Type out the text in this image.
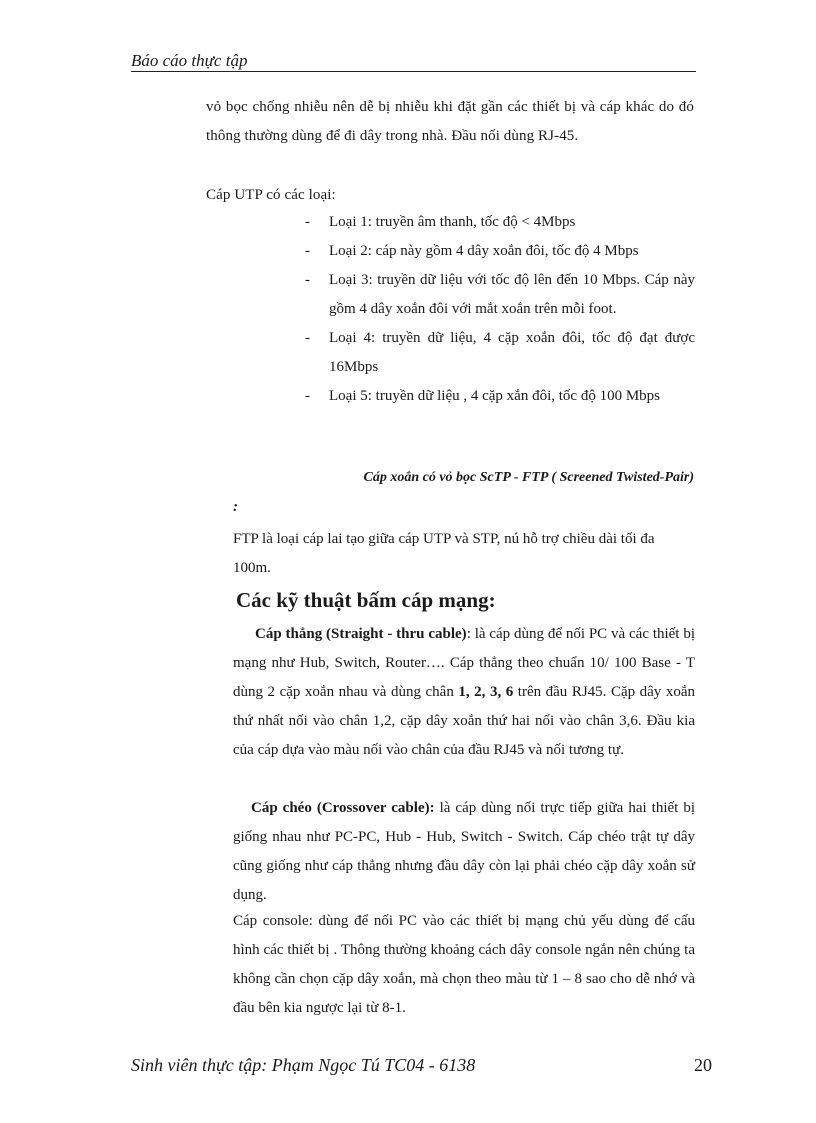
Báo cáo thực tập

vỏ bọc chống nhiễu nên dễ bị nhiễu khi đặt gần các thiết bị và cáp khác do đó thông thường dùng để đi dây trong nhà. Đầu nối dùng RJ-45.

Cáp UTP có các loại:

- Loại 1: truyền âm thanh, tốc độ < 4Mbps
- Loại 2: cáp này gồm 4 dây xoắn đôi, tốc độ 4 Mbps
- Loại 3: truyền dữ liệu với tốc độ lên đến 10 Mbps. Cáp này gồm 4 dây xoắn đôi với mắt xoắn trên mỗi foot.
- Loại 4: truyền dữ liệu, 4 cặp xoắn đôi, tốc độ đạt được 16Mbps
- Loại 5: truyền dữ liệu , 4 cặp xắn đôi, tốc độ 100 Mbps
Cáp xoắn có vỏ bọc ScTP - FTP ( Screened Twisted-Pair)
:

FTP là loại cáp lai tạo giữa cáp UTP và STP, nú hỗ trợ chiều dài tối đa 100m.

Các kỹ thuật bấm cáp mạng:

Cáp thẳng (Straight - thru cable): là cáp dùng để nối PC và các thiết bị mạng như Hub, Switch, Router…. Cáp thẳng theo chuẩn 10/ 100 Base - T dùng 2 cặp xoắn nhau và dùng chân 1, 2, 3, 6 trên đầu RJ45. Cặp dây xoắn thứ nhất nối vào chân 1,2, cặp dây xoắn thứ hai nối vào chân 3,6. Đầu kia của cáp dựa vào màu nối vào chân của đầu RJ45 và nối tương tự.

Cáp chéo (Crossover cable): là cáp dùng nối trực tiếp giữa hai thiết bị giống nhau như PC-PC, Hub - Hub, Switch - Switch. Cáp chéo trật tự dây cũng giống như cáp thẳng nhưng đầu dây còn lại phải chéo cặp dây xoắn sử dụng.

Cáp console: dùng để nối PC vào các thiết bị mạng chủ yếu dùng để cấu hình các thiết bị . Thông thường khoảng cách dây console ngắn nên chúng ta không cần chọn cặp dây xoắn, mà chọn theo màu từ 1 – 8 sao cho dễ nhớ và đầu bên kia ngược lại từ 8-1.

Sinh viên thực tập: Phạm Ngọc Tú TC04 - 6138	20
